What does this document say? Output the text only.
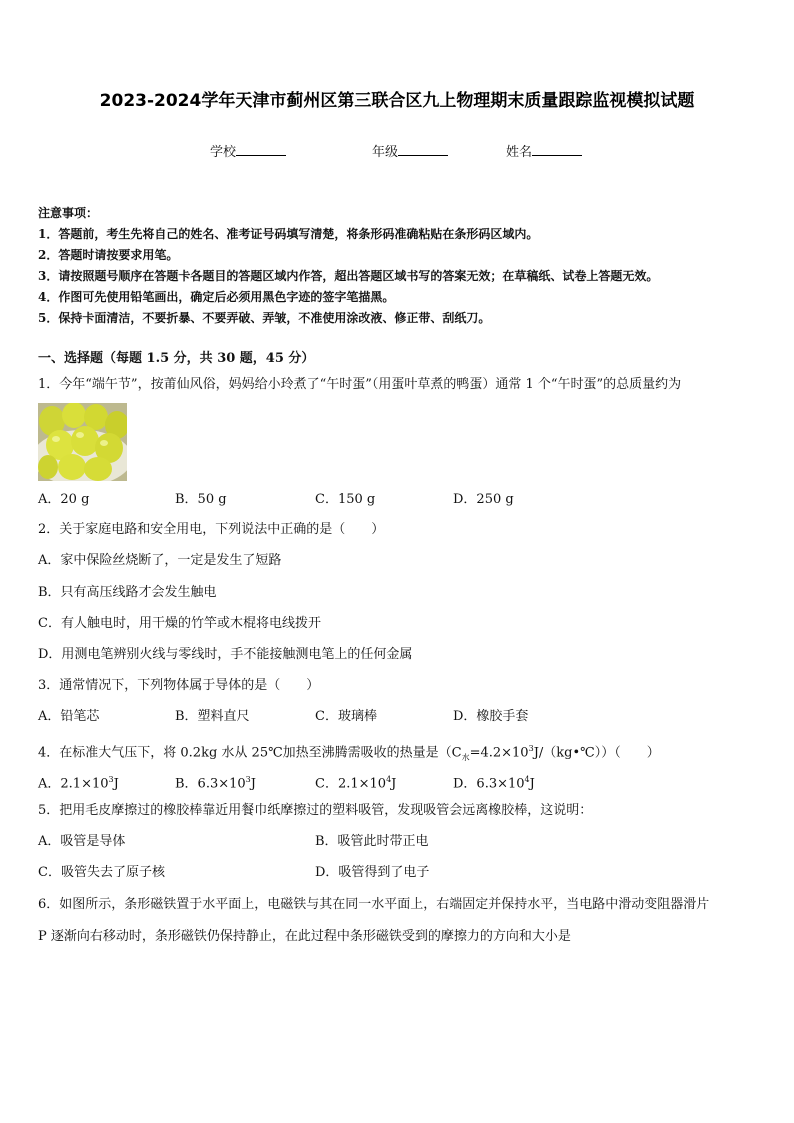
2023-2024学年天津市蓟州区第三联合区九上物理期末质量跟踪监视模拟试题
学校	年级	姓名
注意事项：
1．答题前，考生先将自己的姓名、准考证号码填写清楚，将条形码准确粘贴在条形码区域内。
2．答题时请按要求用笔。
3．请按照题号顺序在答题卡各题目的答题区域内作答，超出答题区域书写的答案无效；在草稿纸、试卷上答题无效。
4．作图可先使用铅笔画出，确定后必须用黑色字迹的签字笔描黑。
5．保持卡面清洁，不要折暴、不要弄破、弄皱，不准使用涂改液、修正带、刮纸刀。
一、选择题（每题 1.5 分，共 30 题，45 分）
1．今年“端午节”，按莆仙风俗，妈妈给小玲煮了“午时蛋”（用蛋叶草煮的鸭蛋）通常 1 个“午时蛋”的总质量约为
A．20 g	B．50 g	C．150 g	D．250 g
2．关于家庭电路和安全用电，下列说法中正确的是（　　）
A．家中保险丝烧断了，一定是发生了短路
B．只有高压线路才会发生触电
C．有人触电时，用干燥的竹竿或木棍将电线拨开
D．用测电笔辨别火线与零线时，手不能接触测电笔上的任何金属
3．通常情况下，下列物体属于导体的是（　　）
A．铅笔芯	B．塑料直尺	C．玻璃棒	D．橡胶手套
4．在标准大气压下，将 0.2kg 水从 25℃加热至沸腾需吸收的热量是$(C_水=4.2\times 10^3J/(kg•℃))$（　　）
A．$2.1\times 10^3J$	B．$6.3\times 10^3J$	C．$2.1\times 10^4J$	D．$6.3\times 10^4J$
5．把用毛皮摩擦过的橡胶棒靠近用餐巾纸摩擦过的塑料吸管，发现吸管会远离橡胶棒，这说明：
A．吸管是导体	B．吸管此时带正电
C．吸管失去了原子核	D．吸管得到了电子
6．如图所示，条形磁铁置于水平面上，电磁铁与其在同一水平面上，右端固定并保持水平，当电路中滑动变阻器滑片
P 逐渐向右移动时，条形磁铁仍保持静止，在此过程中条形磁铁受到的摩擦力的方向和大小是
